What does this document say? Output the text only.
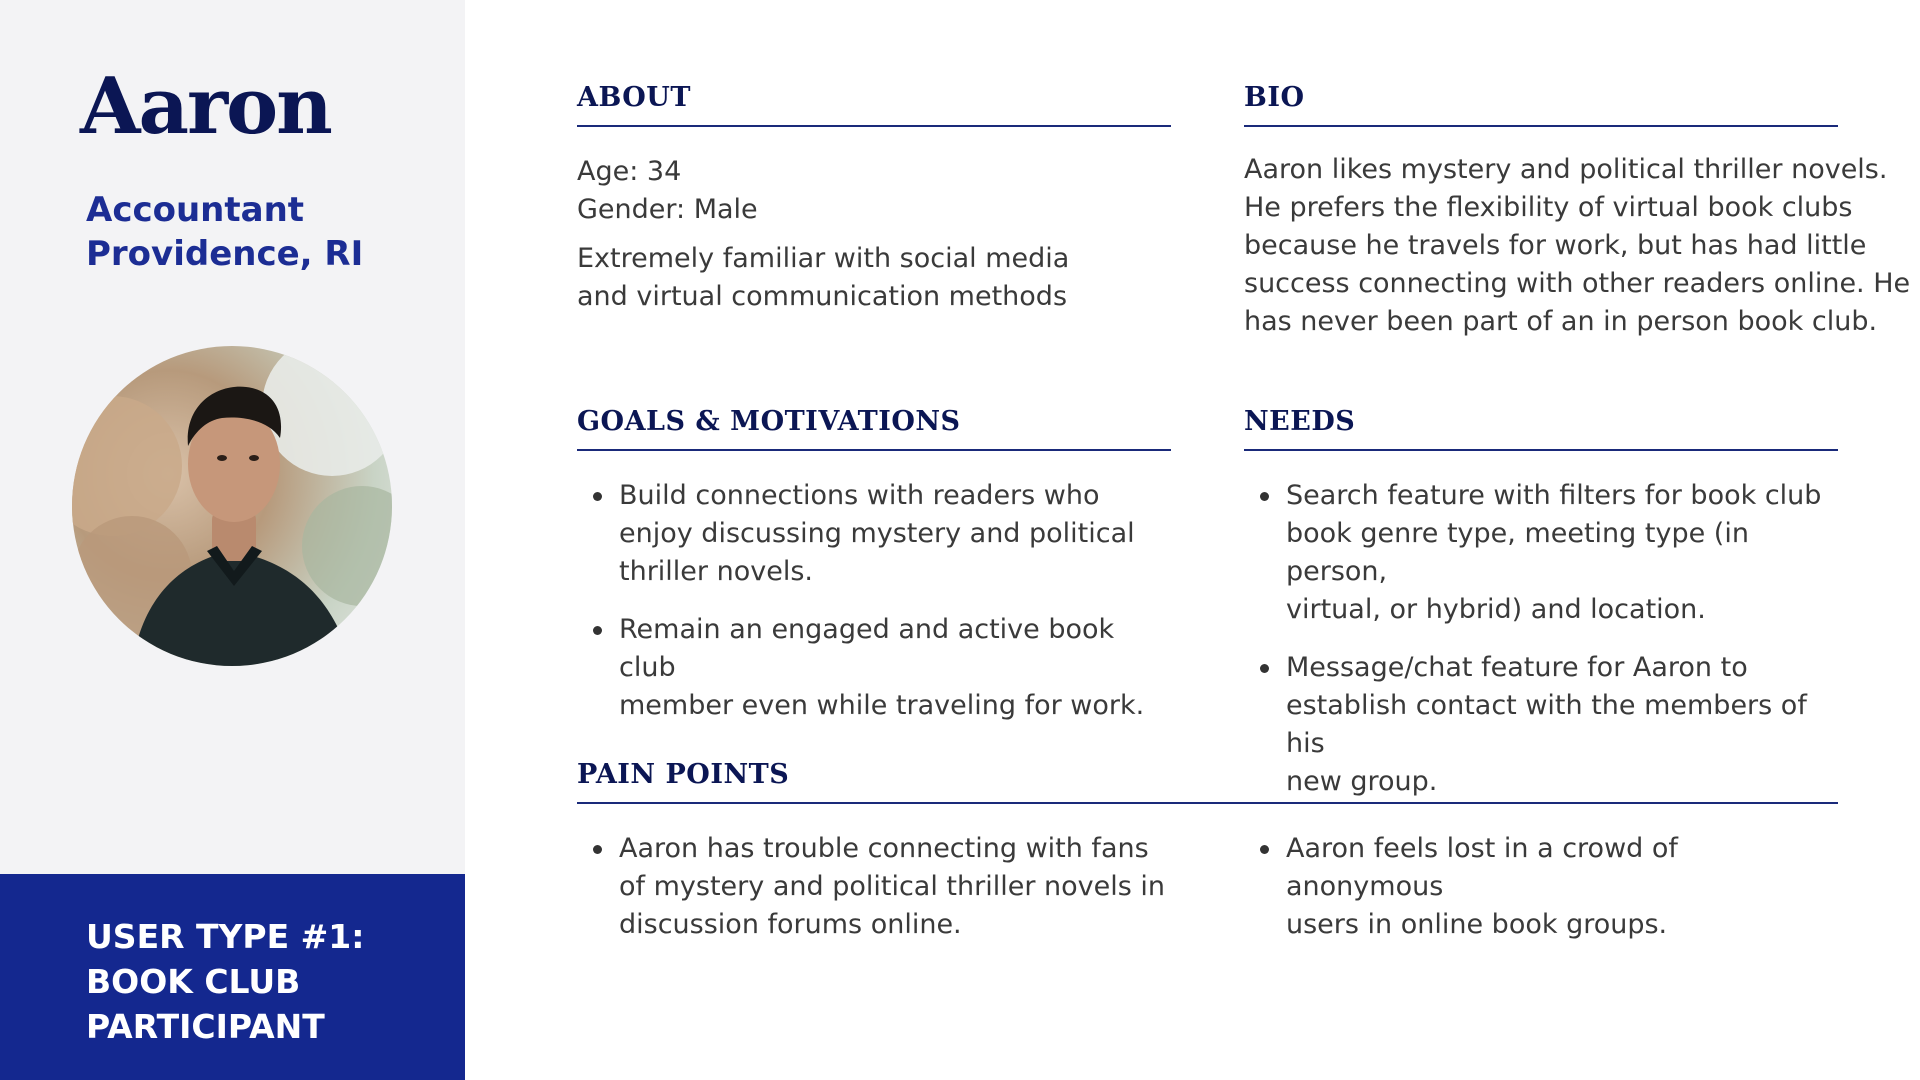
Aaron
Accountant
Providence, RI
USER TYPE #1:
BOOK CLUB
PARTICIPANT
ABOUT
Age: 34
Gender: Male
Extremely familiar with social media
and virtual communication methods
BIO
Aaron likes mystery and political thriller novels.
He prefers the flexibility of virtual book clubs
because he travels for work, but has had little
success connecting with other readers online. He
has never been part of an in person book club.
GOALS & MOTIVATIONS
Build connections with readers who
enjoy discussing mystery and political
thriller novels.
Remain an engaged and active book club
member even while traveling for work.
NEEDS
Search feature with filters for book club
book genre type, meeting type (in person,
virtual, or hybrid) and location.
Message/chat feature for Aaron to
establish contact with the members of his
new group.
PAIN POINTS
Aaron has trouble connecting with fans
of mystery and political thriller novels in
discussion forums online.
Aaron feels lost in a crowd of anonymous
users in online book groups.
